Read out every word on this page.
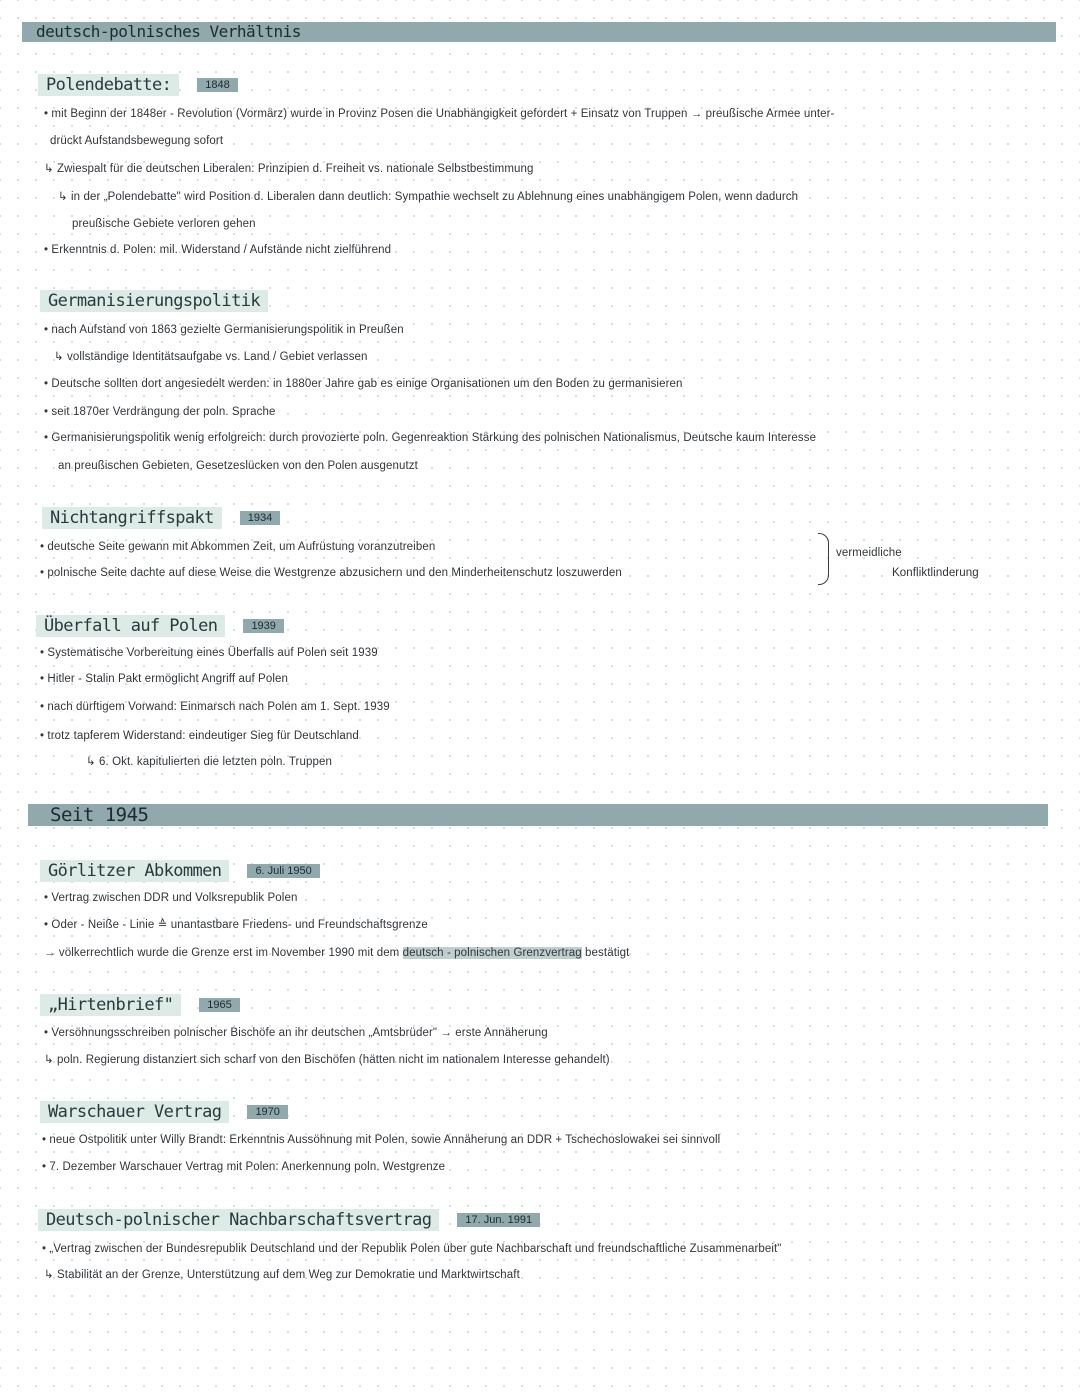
deutsch-polnisches Verhältnis
Polendebatte:	1848
• mit Beginn der 1848er - Revolution (Vormärz) wurde in Provinz Posen die Unabhängigkeit gefordert + Einsatz von Truppen → preußische Armee unter-
drückt Aufstandsbewegung sofort
↳ Zwiespalt für die deutschen Liberalen: Prinzipien d. Freiheit vs. nationale Selbstbestimmung
↳ in der „Polendebatte" wird Position d. Liberalen dann deutlich: Sympathie wechselt zu Ablehnung eines unabhängigem Polen, wenn dadurch
preußische Gebiete verloren gehen
• Erkenntnis d. Polen: mil. Widerstand / Aufstände nicht zielführend
Germanisierungspolitik
• nach Aufstand von 1863 gezielte Germanisierungspolitik in Preußen
↳ vollständige Identitätsaufgabe vs. Land / Gebiet verlassen
• Deutsche sollten dort angesiedelt werden: in 1880er Jahre gab es einige Organisationen um den Boden zu germanisieren
• seit 1870er Verdrängung der poln. Sprache
• Germanisierungspolitik wenig erfolgreich: durch provozierte poln. Gegenreaktion Stärkung des polnischen Nationalismus, Deutsche kaum Interesse
an preußischen Gebieten, Gesetzeslücken von den Polen ausgenutzt
Nichtangriffspakt	1934
• deutsche Seite gewann mit Abkommen Zeit, um Aufrüstung voranzutreiben
• polnische Seite dachte auf diese Weise die Westgrenze abzusichern und den Minderheitenschutz loszuwerden
vermeidliche
Konfliktlinderung
Überfall auf Polen	1939
• Systematische Vorbereitung eines Überfalls auf Polen seit 1939
• Hitler - Stalin Pakt ermöglicht Angriff auf Polen
• nach dürftigem Vorwand: Einmarsch nach Polen am 1. Sept. 1939
• trotz tapferem Widerstand: eindeutiger Sieg für Deutschland
↳ 6. Okt. kapitulierten die letzten poln. Truppen
Seit 1945
Görlitzer Abkommen	6. Juli 1950
• Vertrag zwischen DDR und Volksrepublik Polen
• Oder - Neiße - Linie ≙ unantastbare Friedens- und Freundschaftsgrenze
→ völkerrechtlich wurde die Grenze erst im November 1990 mit dem deutsch - polnischen Grenzvertrag bestätigt
„Hirtenbrief"	1965
• Versöhnungsschreiben polnischer Bischöfe an ihr deutschen „Amtsbrüder" → erste Annäherung
↳ poln. Regierung distanziert sich scharf von den Bischöfen (hätten nicht im nationalem Interesse gehandelt)
Warschauer Vertrag	1970
• neue Ostpolitik unter Willy Brandt: Erkenntnis Aussöhnung mit Polen, sowie Annäherung an DDR + Tschechoslowakei sei sinnvoll
• 7. Dezember Warschauer Vertrag mit Polen: Anerkennung poln. Westgrenze
Deutsch-polnischer Nachbarschaftsvertrag	17. Jun. 1991
• „Vertrag zwischen der Bundesrepublik Deutschland und der Republik Polen über gute Nachbarschaft und freundschaftliche Zusammenarbeit"
↳ Stabilität an der Grenze, Unterstützung auf dem Weg zur Demokratie und Marktwirtschaft
